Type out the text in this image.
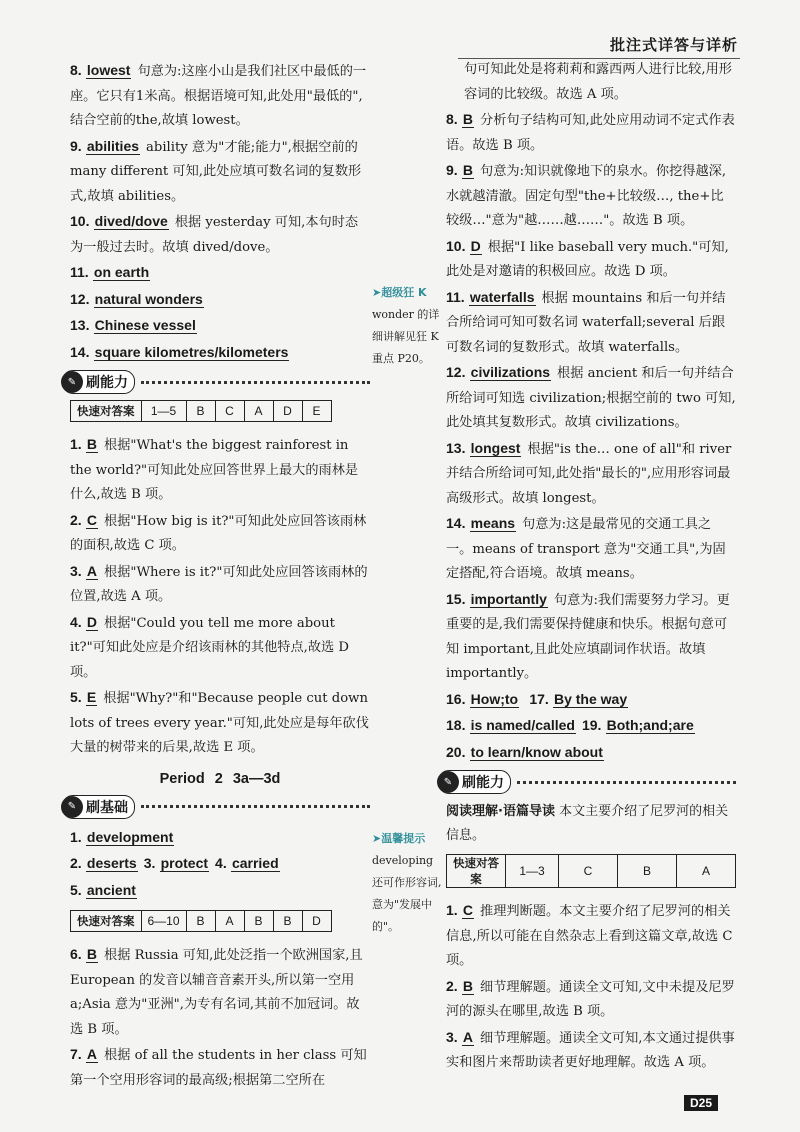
批注式详答与详析
8. lowest 句意为:这座小山是我们社区中最低的一座。它只有1米高。根据语境可知,此处用"最低的",结合空前的the,故填 lowest。
9. abilities ability 意为"才能;能力",根据空前的 many different 可知,此处应填可数名词的复数形式,故填 abilities。
10. dived/dove 根据 yesterday 可知,本句时态为一般过去时。故填 dived/dove。
11. on earth
12. natural wonders
13. Chinese vessel
14. square kilometres/kilometers
✎ 刷能力
快速对答案	1—5	B	C	A	D	E
1. B 根据"What's the biggest rainforest in the world?"可知此处应回答世界上最大的雨林是什么,故选 B 项。
2. C 根据"How big is it?"可知此处应回答该雨林的面积,故选 C 项。
3. A 根据"Where is it?"可知此处应回答该雨林的位置,故选 A 项。
4. D 根据"Could you tell me more about it?"可知此处应是介绍该雨林的其他特点,故选 D 项。
5. E 根据"Why?"和"Because people cut down lots of trees every year."可知,此处应是每年砍伐大量的树带来的后果,故选 E 项。
Period 2 3a—3d
✎ 刷基础
1. development
2. deserts 3. protect 4. carried
5. ancient
快速对答案	6—10	B	A	B	B	D
6. B 根据 Russia 可知,此处泛指一个欧洲国家,且 European 的发音以辅音音素开头,所以第一空用 a;Asia 意为"亚洲",为专有名词,其前不加冠词。故选 B 项。
7. A 根据 of all the students in her class 可知第一个空用形容词的最高级;根据第二空所在
➤超级狂 K
wonder 的详细讲解见狂 K 重点 P20。
➤温馨提示
developing 还可作形容词,意为"发展中的"。
句可知此处是将莉莉和露西两人进行比较,用形容词的比较级。故选 A 项。
8. B 分析句子结构可知,此处应用动词不定式作表语。故选 B 项。
9. B 句意为:知识就像地下的泉水。你挖得越深,水就越清澈。固定句型"the+比较级…, the+比较级…"意为"越……越……"。故选 B 项。
10. D 根据"I like baseball very much."可知,此处是对邀请的积极回应。故选 D 项。
11. waterfalls 根据 mountains 和后一句并结合所给词可知可数名词 waterfall;several 后跟可数名词的复数形式。故填 waterfalls。
12. civilizations 根据 ancient 和后一句并结合所给词可知选 civilization;根据空前的 two 可知,此处填其复数形式。故填 civilizations。
13. longest 根据"is the… one of all"和 river 并结合所给词可知,此处指"最长的",应用形容词最高级形式。故填 longest。
14. means 句意为:这是最常见的交通工具之一。means of transport 意为"交通工具",为固定搭配,符合语境。故填 means。
15. importantly 句意为:我们需要努力学习。更重要的是,我们需要保持健康和快乐。根据句意可知 important,且此处应填副词作状语。故填 importantly。
16. How;to 17. By the way
18. is named/called 19. Both;and;are
20. to learn/know about
✎ 刷能力
阅读理解·语篇导读 本文主要介绍了尼罗河的相关信息。
快速对答案	1—3	C	B	A
1. C 推理判断题。本文主要介绍了尼罗河的相关信息,所以可能在自然杂志上看到这篇文章,故选 C 项。
2. B 细节理解题。通读全文可知,文中未提及尼罗河的源头在哪里,故选 B 项。
3. A 细节理解题。通读全文可知,本文通过提供事实和图片来帮助读者更好地理解。故选 A 项。
D25
